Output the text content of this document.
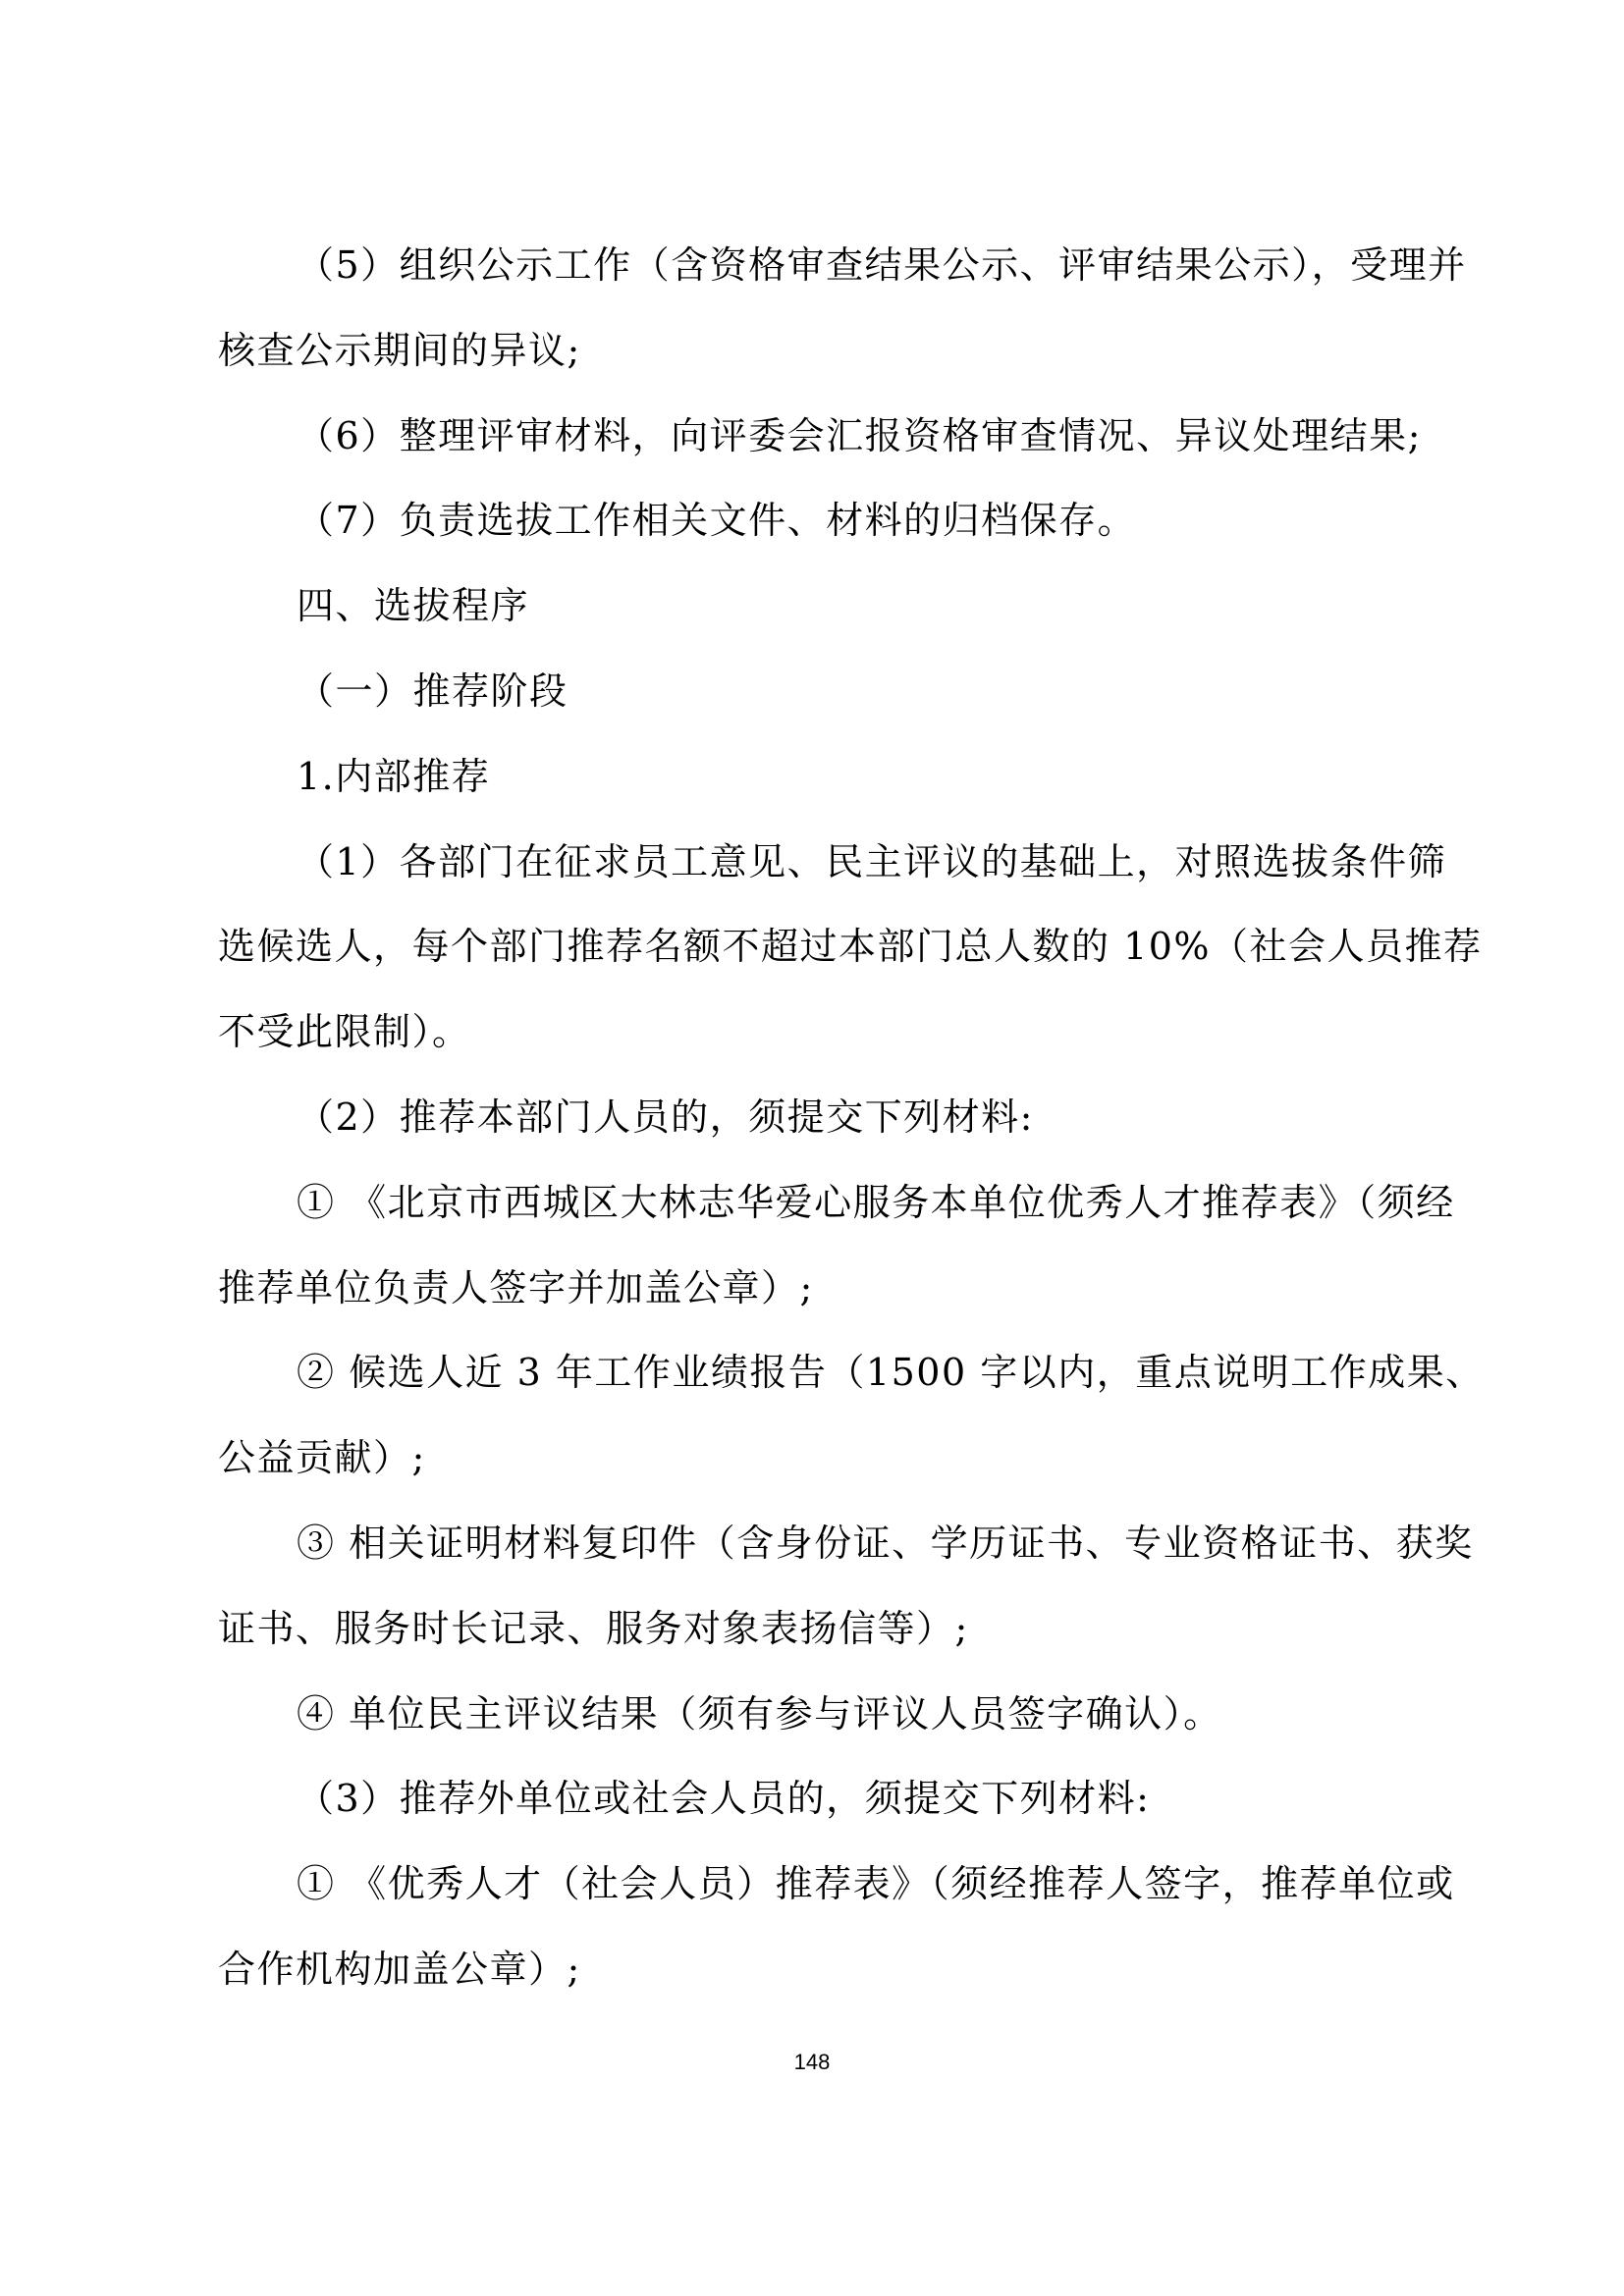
（5）组织公示工作（含资格审查结果公示、评审结果公示），受理并
核查公示期间的异议;
（6）整理评审材料，向评委会汇报资格审查情况、异议处理结果;
（7）负责选拔工作相关文件、材料的归档保存。
四、选拔程序
（一）推荐阶段
1.内部推荐
（1）各部门在征求员工意见、民主评议的基础上，对照选拔条件筛
选候选人，每个部门推荐名额不超过本部门总人数的 10%（社会人员推荐
不受此限制）。
（2）推荐本部门人员的，须提交下列材料:
① 《北京市西城区大林志华爱心服务本单位优秀人才推荐表》（须经
推荐单位负责人签字并加盖公章）;
② 候选人近 3 年工作业绩报告（1500 字以内，重点说明工作成果、
公益贡献）;
③ 相关证明材料复印件（含身份证、学历证书、专业资格证书、获奖
证书、服务时长记录、服务对象表扬信等）;
④ 单位民主评议结果（须有参与评议人员签字确认）。
（3）推荐外单位或社会人员的，须提交下列材料:
① 《优秀人才（社会人员）推荐表》（须经推荐人签字，推荐单位或
合作机构加盖公章）;
148
